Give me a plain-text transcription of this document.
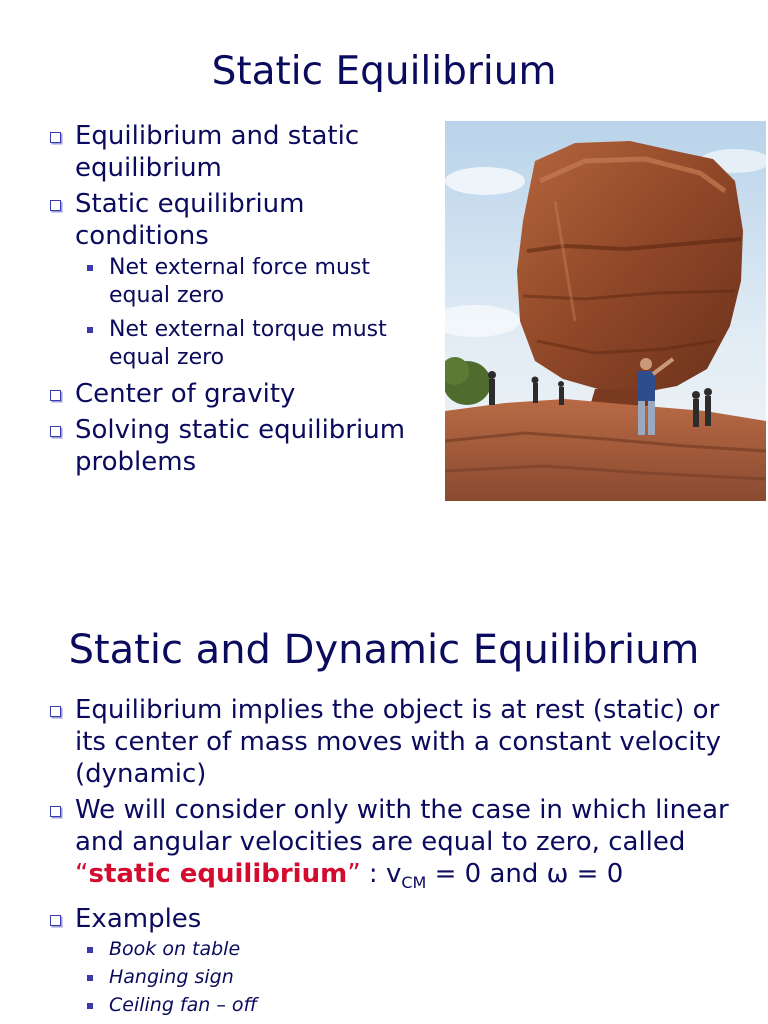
Static Equilibrium
Equilibrium and static equilibrium
Static equilibrium conditions
Net external force must equal zero
Net external torque must equal zero
Center of gravity
Solving static equilibrium problems
Static and Dynamic Equilibrium
Equilibrium implies the object is at rest (static) or its center of mass moves with a constant velocity (dynamic)
We will consider only with the case in which linear and angular velocities are equal to zero, called “static equilibrium” : $v_{CM} = 0$ and ω = 0
Examples
Book on table
Hanging sign
Ceiling fan – off
